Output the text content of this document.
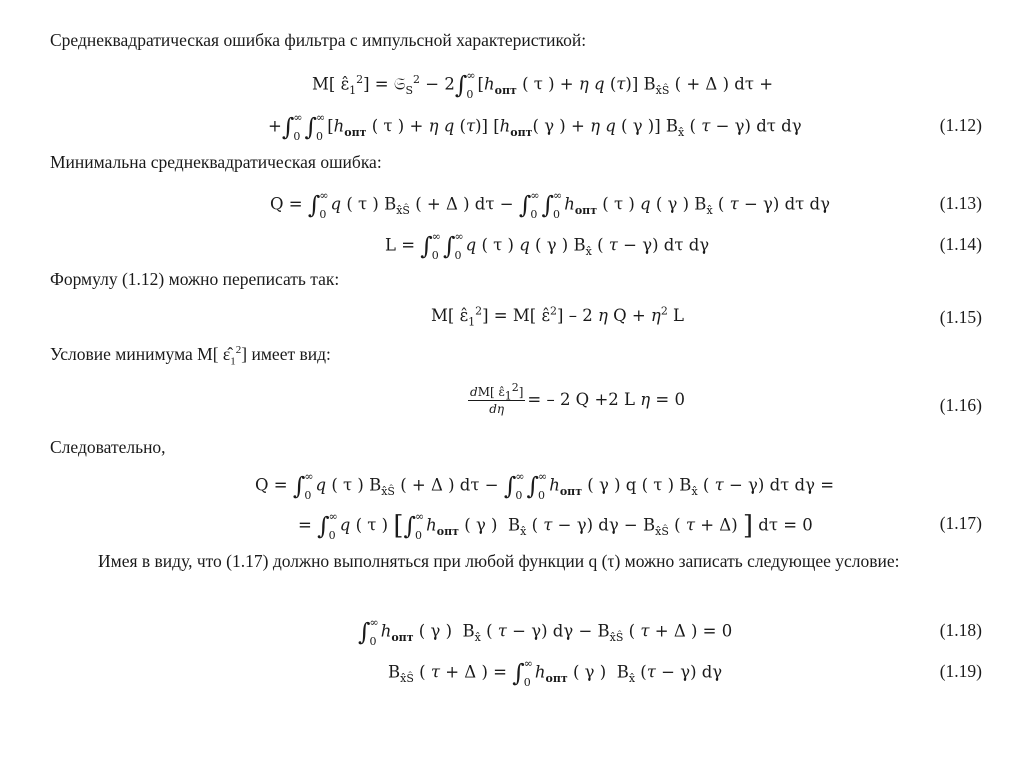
Среднеквадратическая ошибка фильтра с импульсной характеристикой:

M[ $\varepsilon̂_1^2$] = 𝔖$_S^2$ − 2∫ ∞
0
[$h_{опт}$ ( τ ) + η q (τ)] $B_{x̂Ŝ}$ ( + Δ ) dτ +
+∫ ∞
0 ∫ ∞
0
[$h_{опт}$ ( τ ) + η q (τ)] [$h_{опт}$( γ ) + η q ( γ )] $B_{x̂}$ ( τ − γ) dτ dγ	(1.12)

Минимальна среднеквадратическая ошибка:

Q = ∫ ∞
0
q ( τ ) $B_{x̂Ŝ}$ ( + Δ ) dτ − ∫ ∞
0 ∫ ∞
0
$h_{опт}$ ( τ ) q ( γ ) $B_{x̂}$ ( τ − γ) dτ dγ	(1.13)
L = ∫ ∞
0 ∫ ∞
0
q ( τ ) q ( γ ) $B_{x̂}$ ( τ − γ) dτ dγ	(1.14)

Формулу (1.12) можно переписать так:

M[ $\varepsilon̂_1^2] = M$[ ε̂$^2$] – 2 η $Q + \eta^2$ L	(1.15)

Условие минимума M[ $\varepsilon̂_1^2$] имеет вид:

$\frac{dM[ \varepsilon̂_1^2]}{d\eta}$ = – 2 Q +2 L η = 0	(1.16)

Следовательно,

Q = ∫ ∞
0
q ( τ ) $B_{x̂Ŝ}$ ( + Δ ) dτ − ∫ ∞
0 ∫ ∞
0
$h_{опт}$ ( γ ) q ( τ ) $B_{x̂}$ ( τ − γ) dτ dγ =
= ∫ ∞
0
q ( τ ) [∫ ∞
0
$h_{опт}$ ( γ )  $B_{x̂}$ ( τ − γ) $d\gamma - B_{x̂Ŝ}$ ( τ + Δ) ] dτ = 0	(1.17)

Имея в виду, что (1.17) должно выполняться при любой функции q (τ) можно записать следующее условие:

∫ ∞
0
$h_{опт}$ ( γ )  $B_{x̂}$ ( τ − γ) $d\gamma - B_{x̂Ŝ}$ ( τ + Δ ) = 0	(1.18)
$B_{x̂Ŝ}$ ( τ + Δ ) = ∫ ∞
0
$h_{опт}$ ( γ )  $B_{x̂}$ (τ − γ) dγ	(1.19)
